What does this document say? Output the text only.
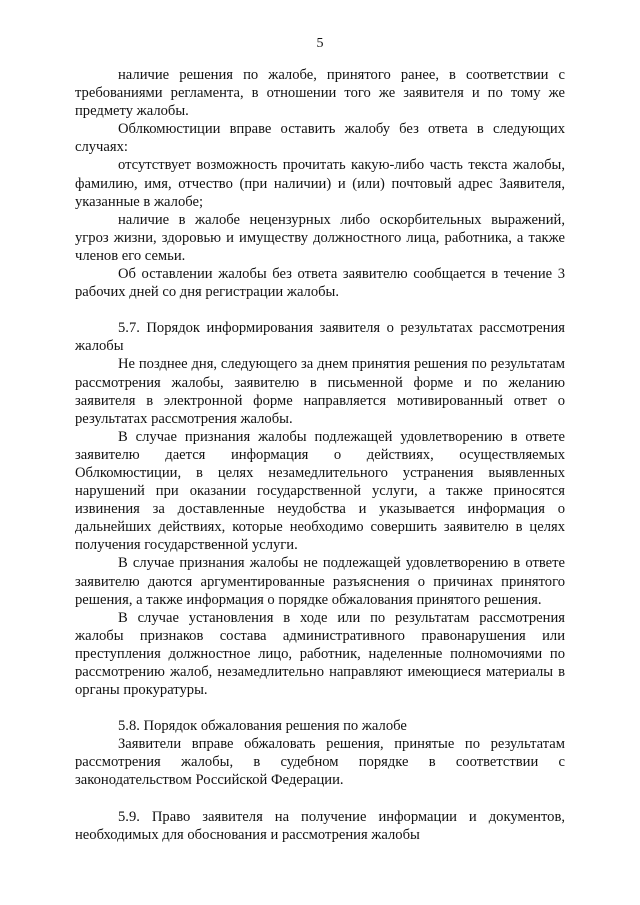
5

наличие решения по жалобе, принятого ранее, в соответствии с требованиями регламента, в отношении того же заявителя и по тому же предмету жалобы.

Облкомюстиции вправе оставить жалобу без ответа в следующих случаях:

отсутствует возможность прочитать какую-либо часть текста жалобы, фамилию, имя, отчество (при наличии) и (или) почтовый адрес Заявителя, указанные в жалобе;

наличие в жалобе нецензурных либо оскорбительных выражений, угроз жизни, здоровью и имуществу должностного лица, работника, а также членов его семьи.

Об оставлении жалобы без ответа заявителю сообщается в течение 3 рабочих дней со дня регистрации жалобы.

5.7. Порядок информирования заявителя о результатах рассмотрения жалобы

Не позднее дня, следующего за днем принятия решения по результатам рассмотрения жалобы, заявителю в письменной форме и по желанию заявителя в электронной форме направляется мотивированный ответ о результатах рассмотрения жалобы.

В случае признания жалобы подлежащей удовлетворению в ответе заявителю дается информация о действиях, осуществляемых Облкомюстиции, в целях незамедлительного устранения выявленных нарушений при оказании государственной услуги, а также приносятся извинения за доставленные неудобства и указывается информация о дальнейших действиях, которые необходимо совершить заявителю в целях получения государственной услуги.

В случае признания жалобы не подлежащей удовлетворению в ответе заявителю даются аргументированные разъяснения о причинах принятого решения, а также информация о порядке обжалования принятого решения.

В случае установления в ходе или по результатам рассмотрения жалобы признаков состава административного правонарушения или преступления должностное лицо, работник, наделенные полномочиями по рассмотрению жалоб, незамедлительно направляют имеющиеся материалы в органы прокуратуры.

5.8. Порядок обжалования решения по жалобе

Заявители вправе обжаловать решения, принятые по результатам рассмотрения жалобы, в судебном порядке в соответствии с законодательством Российской Федерации.

5.9. Право заявителя на получение информации и документов, необходимых для обоснования и рассмотрения жалобы
